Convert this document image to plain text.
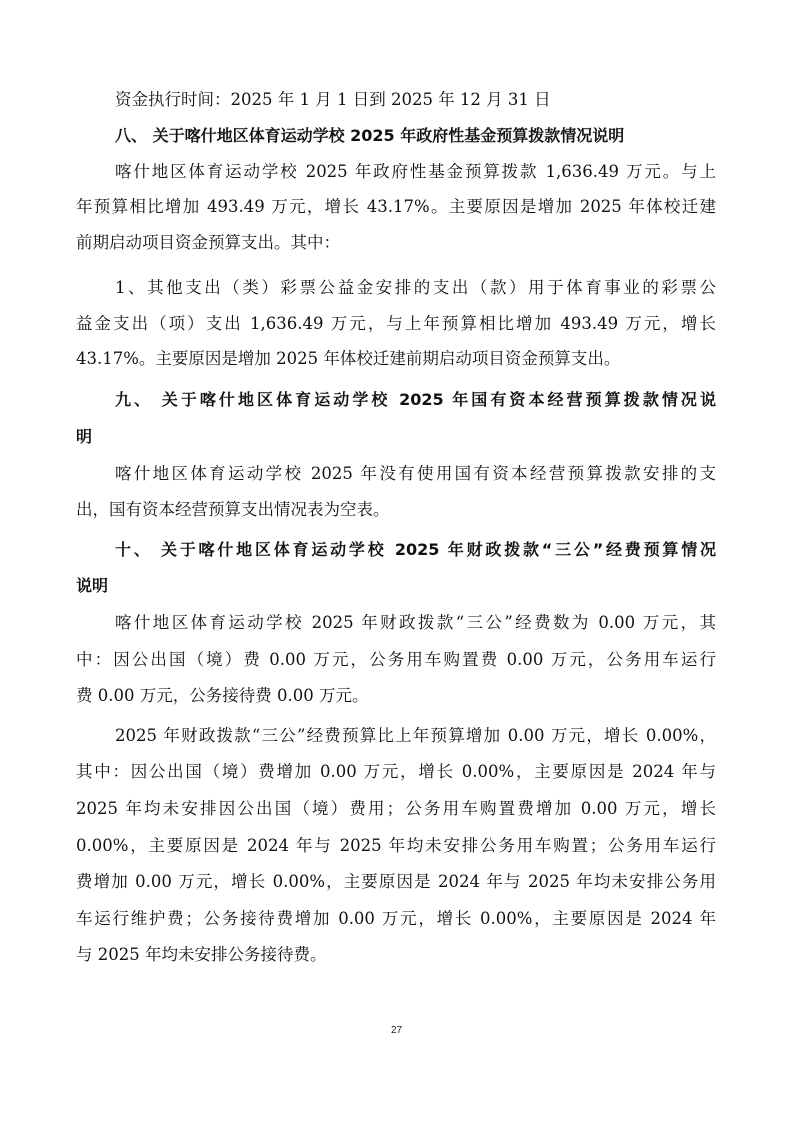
资金执行时间：2025 年 1 月 1 日到 2025 年 12 月 31 日
八、 关于喀什地区体育运动学校 2025 年政府性基金预算拨款情况说明
喀什地区体育运动学校 2025 年政府性基金预算拨款 1,636.49 万元。与上
年预算相比增加 493.49 万元，增长 43.17%。主要原因是增加 2025 年体校迁建
前期启动项目资金预算支出。其中：
1、其他支出（类）彩票公益金安排的支出（款）用于体育事业的彩票公
益金支出（项）支出 1,636.49 万元，与上年预算相比增加 493.49 万元，增长
43.17%。主要原因是增加 2025 年体校迁建前期启动项目资金预算支出。
九、 关于喀什地区体育运动学校 2025 年国有资本经营预算拨款情况说
明
喀什地区体育运动学校 2025 年没有使用国有资本经营预算拨款安排的支
出，国有资本经营预算支出情况表为空表。
十、 关于喀什地区体育运动学校 2025 年财政拨款“三公”经费预算情况
说明
喀什地区体育运动学校 2025 年财政拨款“三公”经费数为 0.00 万元，其
中：因公出国（境）费 0.00 万元，公务用车购置费 0.00 万元，公务用车运行
费 0.00 万元，公务接待费 0.00 万元。
2025 年财政拨款“三公”经费预算比上年预算增加 0.00 万元，增长 0.00%，
其中：因公出国（境）费增加 0.00 万元，增长 0.00%，主要原因是 2024 年与
2025 年均未安排因公出国（境）费用；公务用车购置费增加 0.00 万元，增长
0.00%，主要原因是 2024 年与 2025 年均未安排公务用车购置；公务用车运行
费增加 0.00 万元，增长 0.00%，主要原因是 2024 年与 2025 年均未安排公务用
车运行维护费；公务接待费增加 0.00 万元，增长 0.00%，主要原因是 2024 年
与 2025 年均未安排公务接待费。
27
